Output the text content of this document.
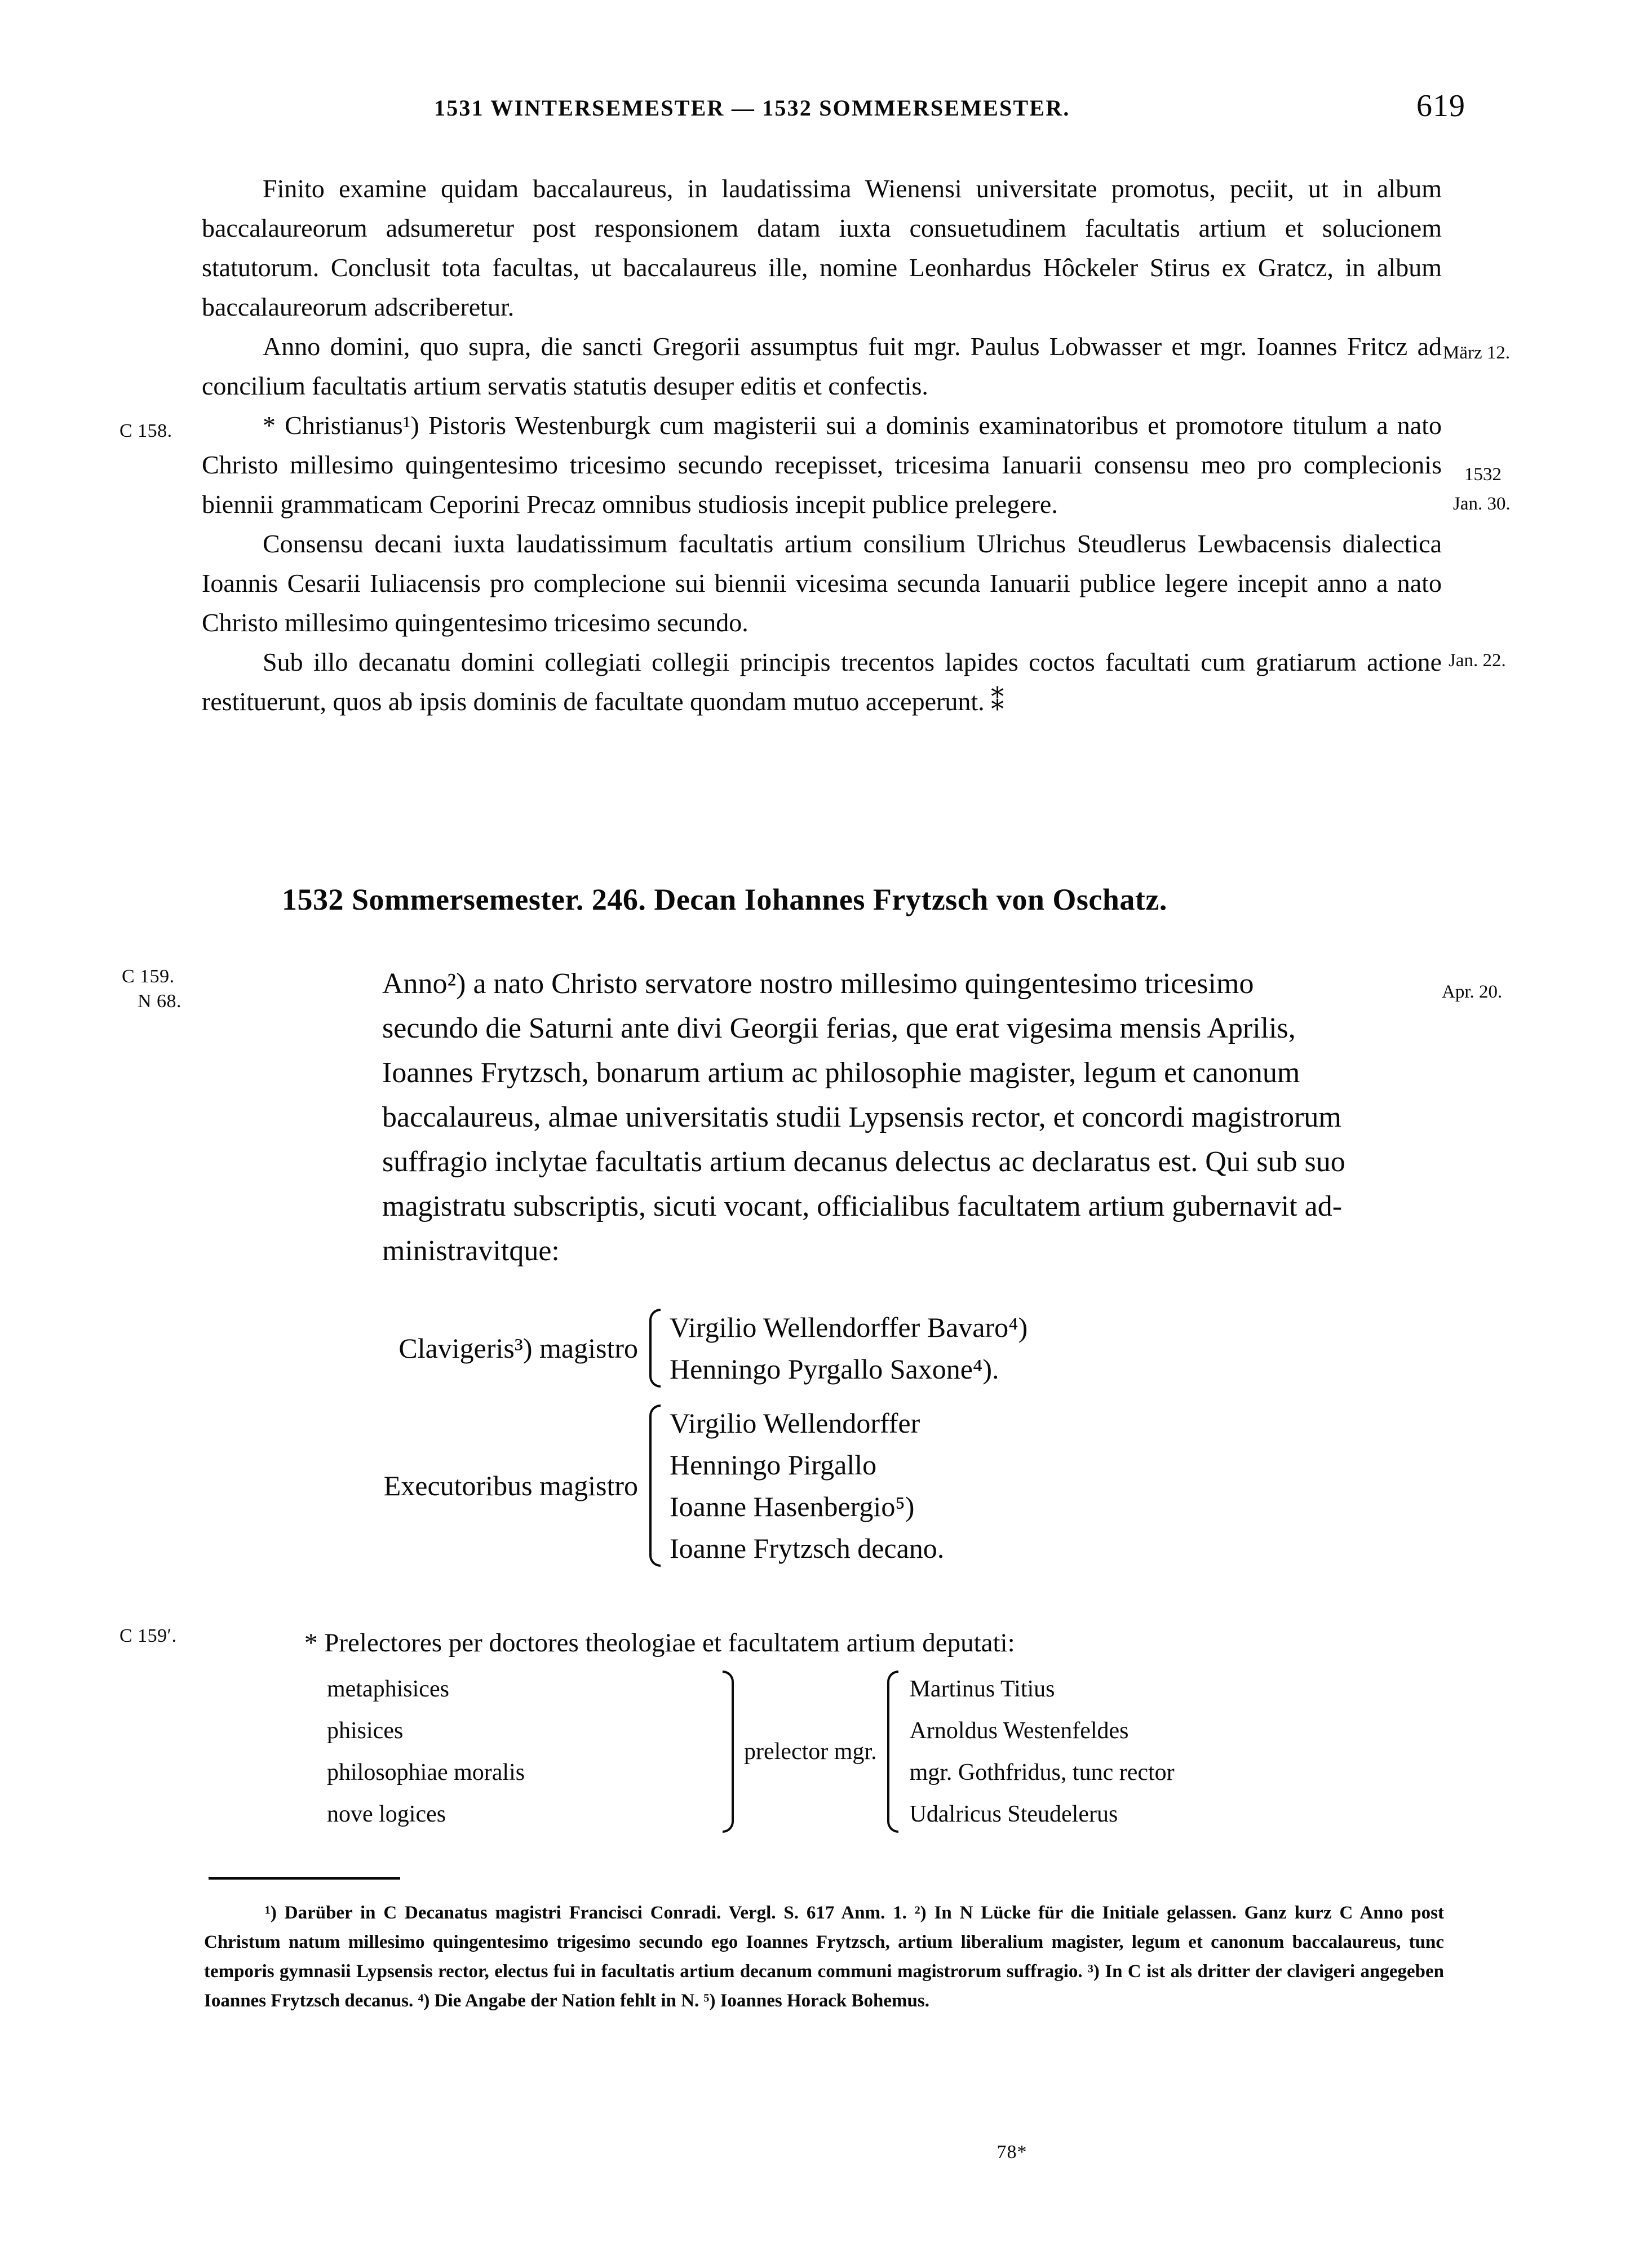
1531 WINTERSEMESTER — 1532 SOMMERSEMESTER.	619

Finito examine quidam baccalaureus, in laudatissima Wienensi universitate promotus, peciit, ut in album baccalaureorum adsumeretur post responsionem datam iuxta consuetudinem facultatis artium et solucionem statutorum. Conclusit tota facultas, ut baccalaureus ille, nomine Leonhardus Hôckeler Stirus ex Gratcz, in album baccalaureorum adscriberetur.

Anno domini, quo supra, die sancti Gregorii assumptus fuit mgr. Paulus Lobwasser et mgr. Ioannes Fritcz ad concilium facultatis artium servatis statutis desuper editis et confectis.

* Christianus¹) Pistoris Westenburgk cum magisterii sui a dominis examinatoribus et promotore titulum a nato Christo millesimo quingentesimo tricesimo secundo recepisset, tricesima Ianuarii consensu meo pro complecionis biennii grammaticam Ceporini Precaz omnibus studiosis incepit publice prelegere.

Consensu decani iuxta laudatissimum facultatis artium consilium Ulrichus Steudlerus Lewbacensis dialectica Ioannis Cesarii Iuliacensis pro complecione sui biennii vicesima secunda Ianuarii publice legere incepit anno a nato Christo millesimo quingentesimo tricesimo secundo.

Sub illo decanatu domini collegiati collegii principis trecentos lapides coctos facultati cum gratiarum actione restituerunt, quos ab ipsis dominis de facultate quondam mutuo acceperunt. ⁑

C 158.
C 159.
N 68.
C 159ʹ.
März 12.
1532
Jan. 30.
Jan. 22.
Apr. 20.
1532 Sommersemester. 246. Decan Iohannes Frytzsch von Oschatz.
Anno²) a nato Christo servatore nostro millesimo quingentesimo tricesimo
secundo die Saturni ante divi Georgii ferias, que erat vigesima mensis Aprilis,
Ioannes Frytzsch, bonarum artium ac philosophie magister, legum et canonum
baccalaureus, almae universitatis studii Lypsensis rector, et concordi magistrorum
suffragio inclytae facultatis artium decanus delectus ac declaratus est. Qui sub suo
magistratu subscriptis, sicuti vocant, officialibus facultatem artium gubernavit ad-
ministravitque:
Clavigeris³) magistro
Virgilio Wellendorffer Bavaro⁴)
Henningo Pyrgallo Saxone⁴).
Executoribus magistro
Virgilio Wellendorffer
Henningo Pirgallo
Ioanne Hasenbergio⁵)
Ioanne Frytzsch decano.
* Prelectores per doctores theologiae et facultatem artium deputati:
metaphisices
phisices
philosophiae moralis
nove logices
prelector mgr.
Martinus Titius
Arnoldus Westenfeldes
mgr. Gothfridus, tunc rector
Udalricus Steudelerus
¹) Darüber in C Decanatus magistri Francisci Conradi. Vergl. S. 617 Anm. 1. ²) In N Lücke für die Initiale gelassen. Ganz kurz C Anno post Christum natum millesimo quingentesimo trigesimo secundo ego Ioannes Frytzsch, artium liberalium magister, legum et canonum baccalaureus, tunc temporis gymnasii Lypsensis rector, electus fui in facultatis artium decanum communi magistrorum suffragio. ³) In C ist als dritter der clavigeri angegeben Ioannes Frytzsch decanus. ⁴) Die Angabe der Nation fehlt in N. ⁵) Ioannes Horack Bohemus.
78*
